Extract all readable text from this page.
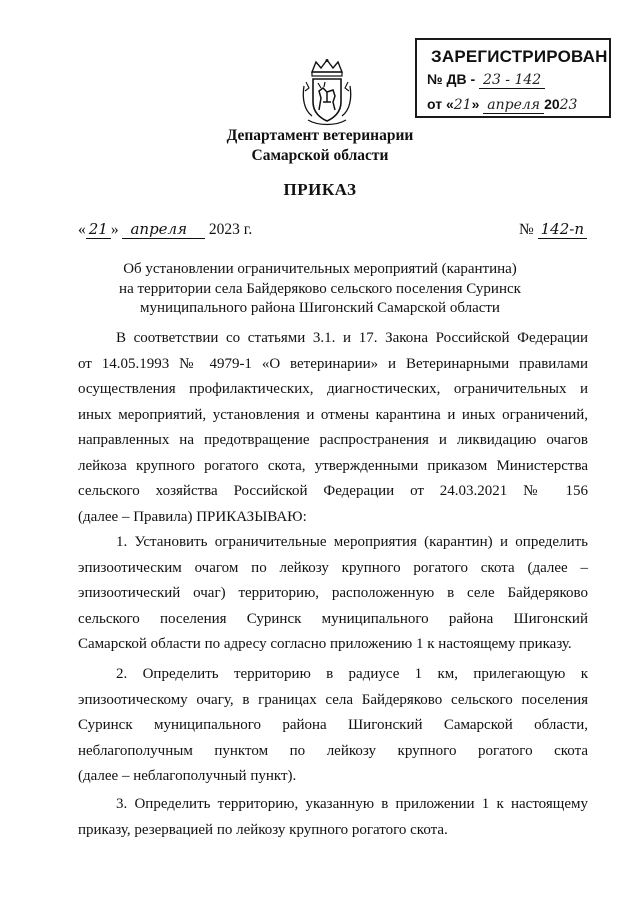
ЗАРЕГИСТРИРОВАН
№ ДВ - 23 - 142
от «21» апреля 2023
Департамент ветеринарии
Самарской области
ПРИКАЗ
« 21 » апреля 2023 г.	№ 142-п
Об установлении ограничительных мероприятий (карантина)
на территории села Байдеряково сельского поселения Суринск
муниципального района Шигонский Самарской области
В соответствии со статьями 3.1. и 17. Закона Российской Федерации
от 14.05.1993 № 4979-1 «О ветеринарии» и Ветеринарными правилами
осуществления профилактических, диагностических, ограничительных и
иных мероприятий, установления и отмены карантина и иных ограничений,
направленных на предотвращение распространения и ликвидацию очагов
лейкоза крупного рогатого скота, утвержденными приказом Министерства
сельского хозяйства Российской Федерации от 24.03.2021 № 156
(далее – Правила) ПРИКАЗЫВАЮ:
1. Установить ограничительные мероприятия (карантин) и определить
эпизоотическим очагом по лейкозу крупного рогатого скота (далее –
эпизоотический очаг) территорию, расположенную в селе Байдеряково
сельского поселения Суринск муниципального района Шигонский
Самарской области по адресу согласно приложению 1 к настоящему приказу.
2. Определить территорию в радиусе 1 км, прилегающую к
эпизоотическому очагу, в границах села Байдеряково сельского поселения
Суринск муниципального района Шигонский Самарской области,
неблагополучным пунктом по лейкозу крупного рогатого скота
(далее – неблагополучный пункт).
3. Определить территорию, указанную в приложении 1 к настоящему
приказу, резервацией по лейкозу крупного рогатого скота.
